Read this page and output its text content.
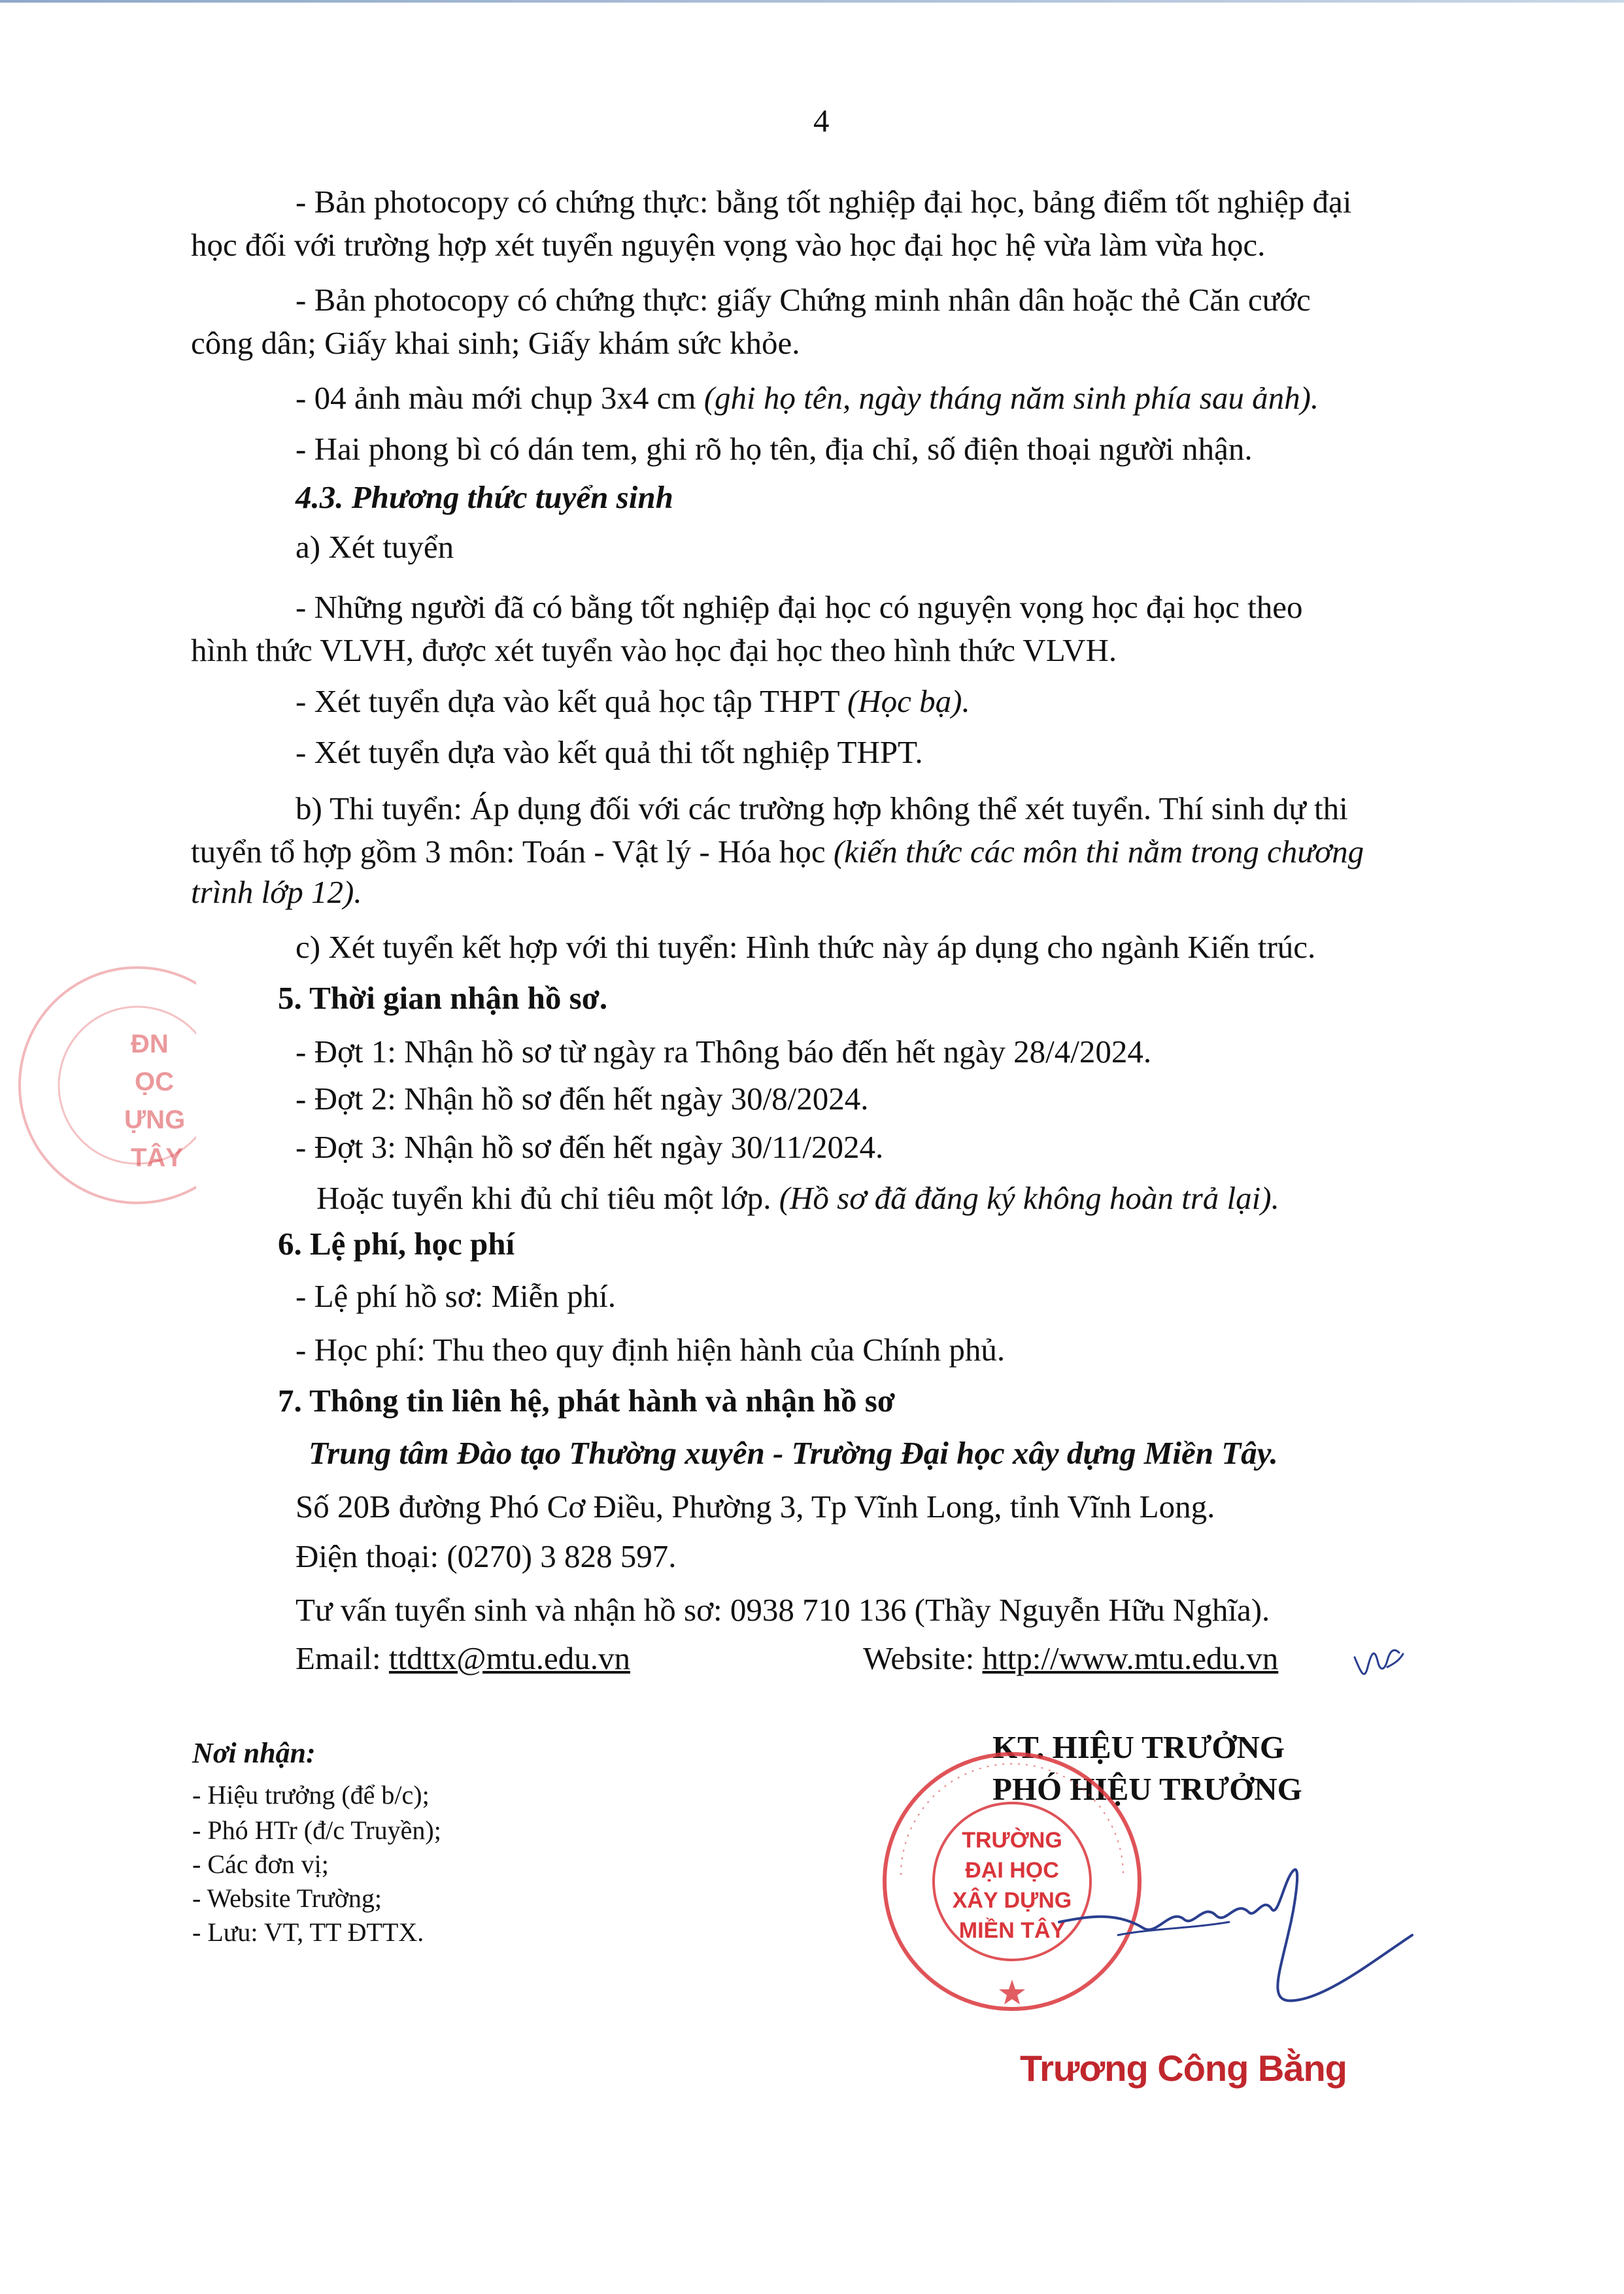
4
- Bản photocopy có chứng thực: bằng tốt nghiệp đại học, bảng điểm tốt nghiệp đại
học đối với trường hợp xét tuyển nguyện vọng vào học đại học hệ vừa làm vừa học.
- Bản photocopy có chứng thực: giấy Chứng minh nhân dân hoặc thẻ Căn cước
công dân; Giấy khai sinh; Giấy khám sức khỏe.
- 04 ảnh màu mới chụp 3x4 cm (ghi họ tên, ngày tháng năm sinh phía sau ảnh).
- Hai phong bì có dán tem, ghi rõ họ tên, địa chỉ, số điện thoại người nhận.
4.3. Phương thức tuyển sinh
a) Xét tuyển
- Những người đã có bằng tốt nghiệp đại học có nguyện vọng học đại học theo
hình thức VLVH, được xét tuyển vào học đại học theo hình thức VLVH.
- Xét tuyển dựa vào kết quả học tập THPT (Học bạ).
- Xét tuyển dựa vào kết quả thi tốt nghiệp THPT.
b) Thi tuyển: Áp dụng đối với các trường hợp không thể xét tuyển. Thí sinh dự thi
tuyển tổ hợp gồm 3 môn: Toán - Vật lý - Hóa học (kiến thức các môn thi nằm trong chương
trình lớp 12).
c) Xét tuyển kết hợp với thi tuyển: Hình thức này áp dụng cho ngành Kiến trúc.
5. Thời gian nhận hồ sơ.
- Đợt 1: Nhận hồ sơ từ ngày ra Thông báo đến hết ngày 28/4/2024.
- Đợt 2: Nhận hồ sơ đến hết ngày 30/8/2024.
- Đợt 3: Nhận hồ sơ đến hết ngày 30/11/2024.
Hoặc tuyển khi đủ chỉ tiêu một lớp. (Hồ sơ đã đăng ký không hoàn trả lại).
6. Lệ phí, học phí
- Lệ phí hồ sơ: Miễn phí.
- Học phí: Thu theo quy định hiện hành của Chính phủ.
7. Thông tin liên hệ, phát hành và nhận hồ sơ
Trung tâm Đào tạo Thường xuyên - Trường Đại học xây dựng Miền Tây.
Số 20B đường Phó Cơ Điều, Phường 3, Tp Vĩnh Long, tỉnh Vĩnh Long.
Điện thoại: (0270) 3 828 597.
Tư vấn tuyển sinh và nhận hồ sơ: 0938 710 136 (Thầy Nguyễn Hữu Nghĩa).
Email: ttdttx@mtu.edu.vn	Website: http://www.mtu.edu.vn
Nơi nhận:
- Hiệu trưởng (để b/c);
- Phó HTr (đ/c Truyền);
- Các đơn vị;
- Website Trường;
- Lưu: VT, TT ĐTTX.
KT. HIỆU TRƯỞNG
PHÓ HIỆU TRƯỞNG
TRƯỜNG
ĐẠI HỌC
XÂY DỰNG
MIỀN TÂY
Trương Công Bằng
ĐN
ỌC
ỰNG
TÂY
